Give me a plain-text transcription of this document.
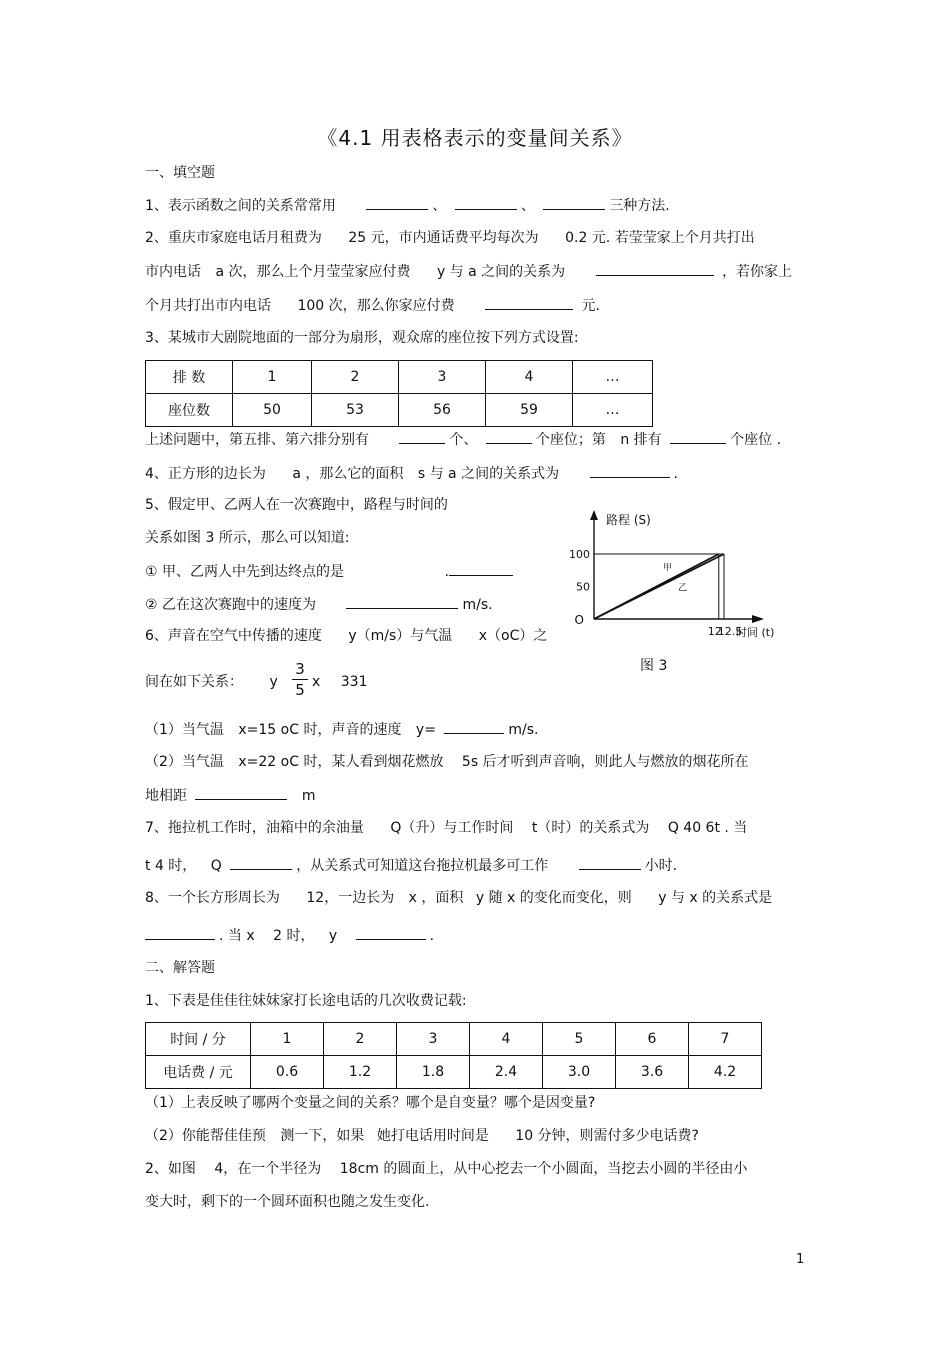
《4.1 用表格表示的变量间关系》
一、填空题
1、表示函数之间的关系常常用	、	、	三种方法.
2、重庆市家庭电话月租费为 25 元，市内通话费平均每次为 0.2 元. 若莹莹家上个月共打出
市内电话 a 次，那么上个月莹莹家应付费 y 与 a 之间的关系为	，若你家上
个月共打出市内电话 100 次，那么你家应付费	元.
3、某城市大剧院地面的一部分为扇形，观众席的座位按下列方式设置:
排 数	1	2	3	4	…
座位数	50	53	56	59	…
上述问题中，第五排、第六排分别有	个、	个座位；第 n 排有	个座位 .
4、正方形的边长为 a ，那么它的面积 s 与 a 之间的关系式为	.
5、假定甲、乙两人在一次赛跑中，路程与时间的
关系如图 3 所示，那么可以知道:
① 甲、乙两人中先到达终点的是	.
② 乙在这次赛跑中的速度为	m/s.
路程 (S)
时间 (t)
O
100
50
12
12.5
甲
乙
图 3
6、声音在空气中传播的速度 y（m/s）与气温 x（oC）之
间在如下关系： y
3
5 x 331
（1）当气温 x=15 oC 时，声音的速度 y=	m/s.
（2）当气温 x=22 oC 时，某人看到烟花燃放 5s 后才听到声音响，则此人与燃放的烟花所在
地相距	m
7、拖拉机工作时，油箱中的余油量 Q（升）与工作时间 t（时）的关系式为 Q 40 6t . 当
t 4 时， Q	，从关系式可知道这台拖拉机最多可工作	小时.
8、一个长方形周长为 12，一边长为 x ，面积 y 随 x 的变化而变化，则 y 与 x 的关系式是
. 当 x 2 时， y	.
二、解答题
1、下表是佳佳往妹妹家打长途电话的几次收费记载:
时间 / 分	1	2	3	4	5	6	7
电话费 / 元	0.6	1.2	1.8	2.4	3.0	3.6	4.2
（1）上表反映了哪两个变量之间的关系？哪个是自变量？哪个是因变量?
（2）你能帮佳佳预 测一下，如果 她打电话用时间是 10 分钟，则需付多少电话费?
2、如图 4，在一个半径为 18cm 的圆面上，从中心挖去一个小圆面，当挖去小圆的半径由小
变大时，剩下的一个圆环面积也随之发生变化.
1
